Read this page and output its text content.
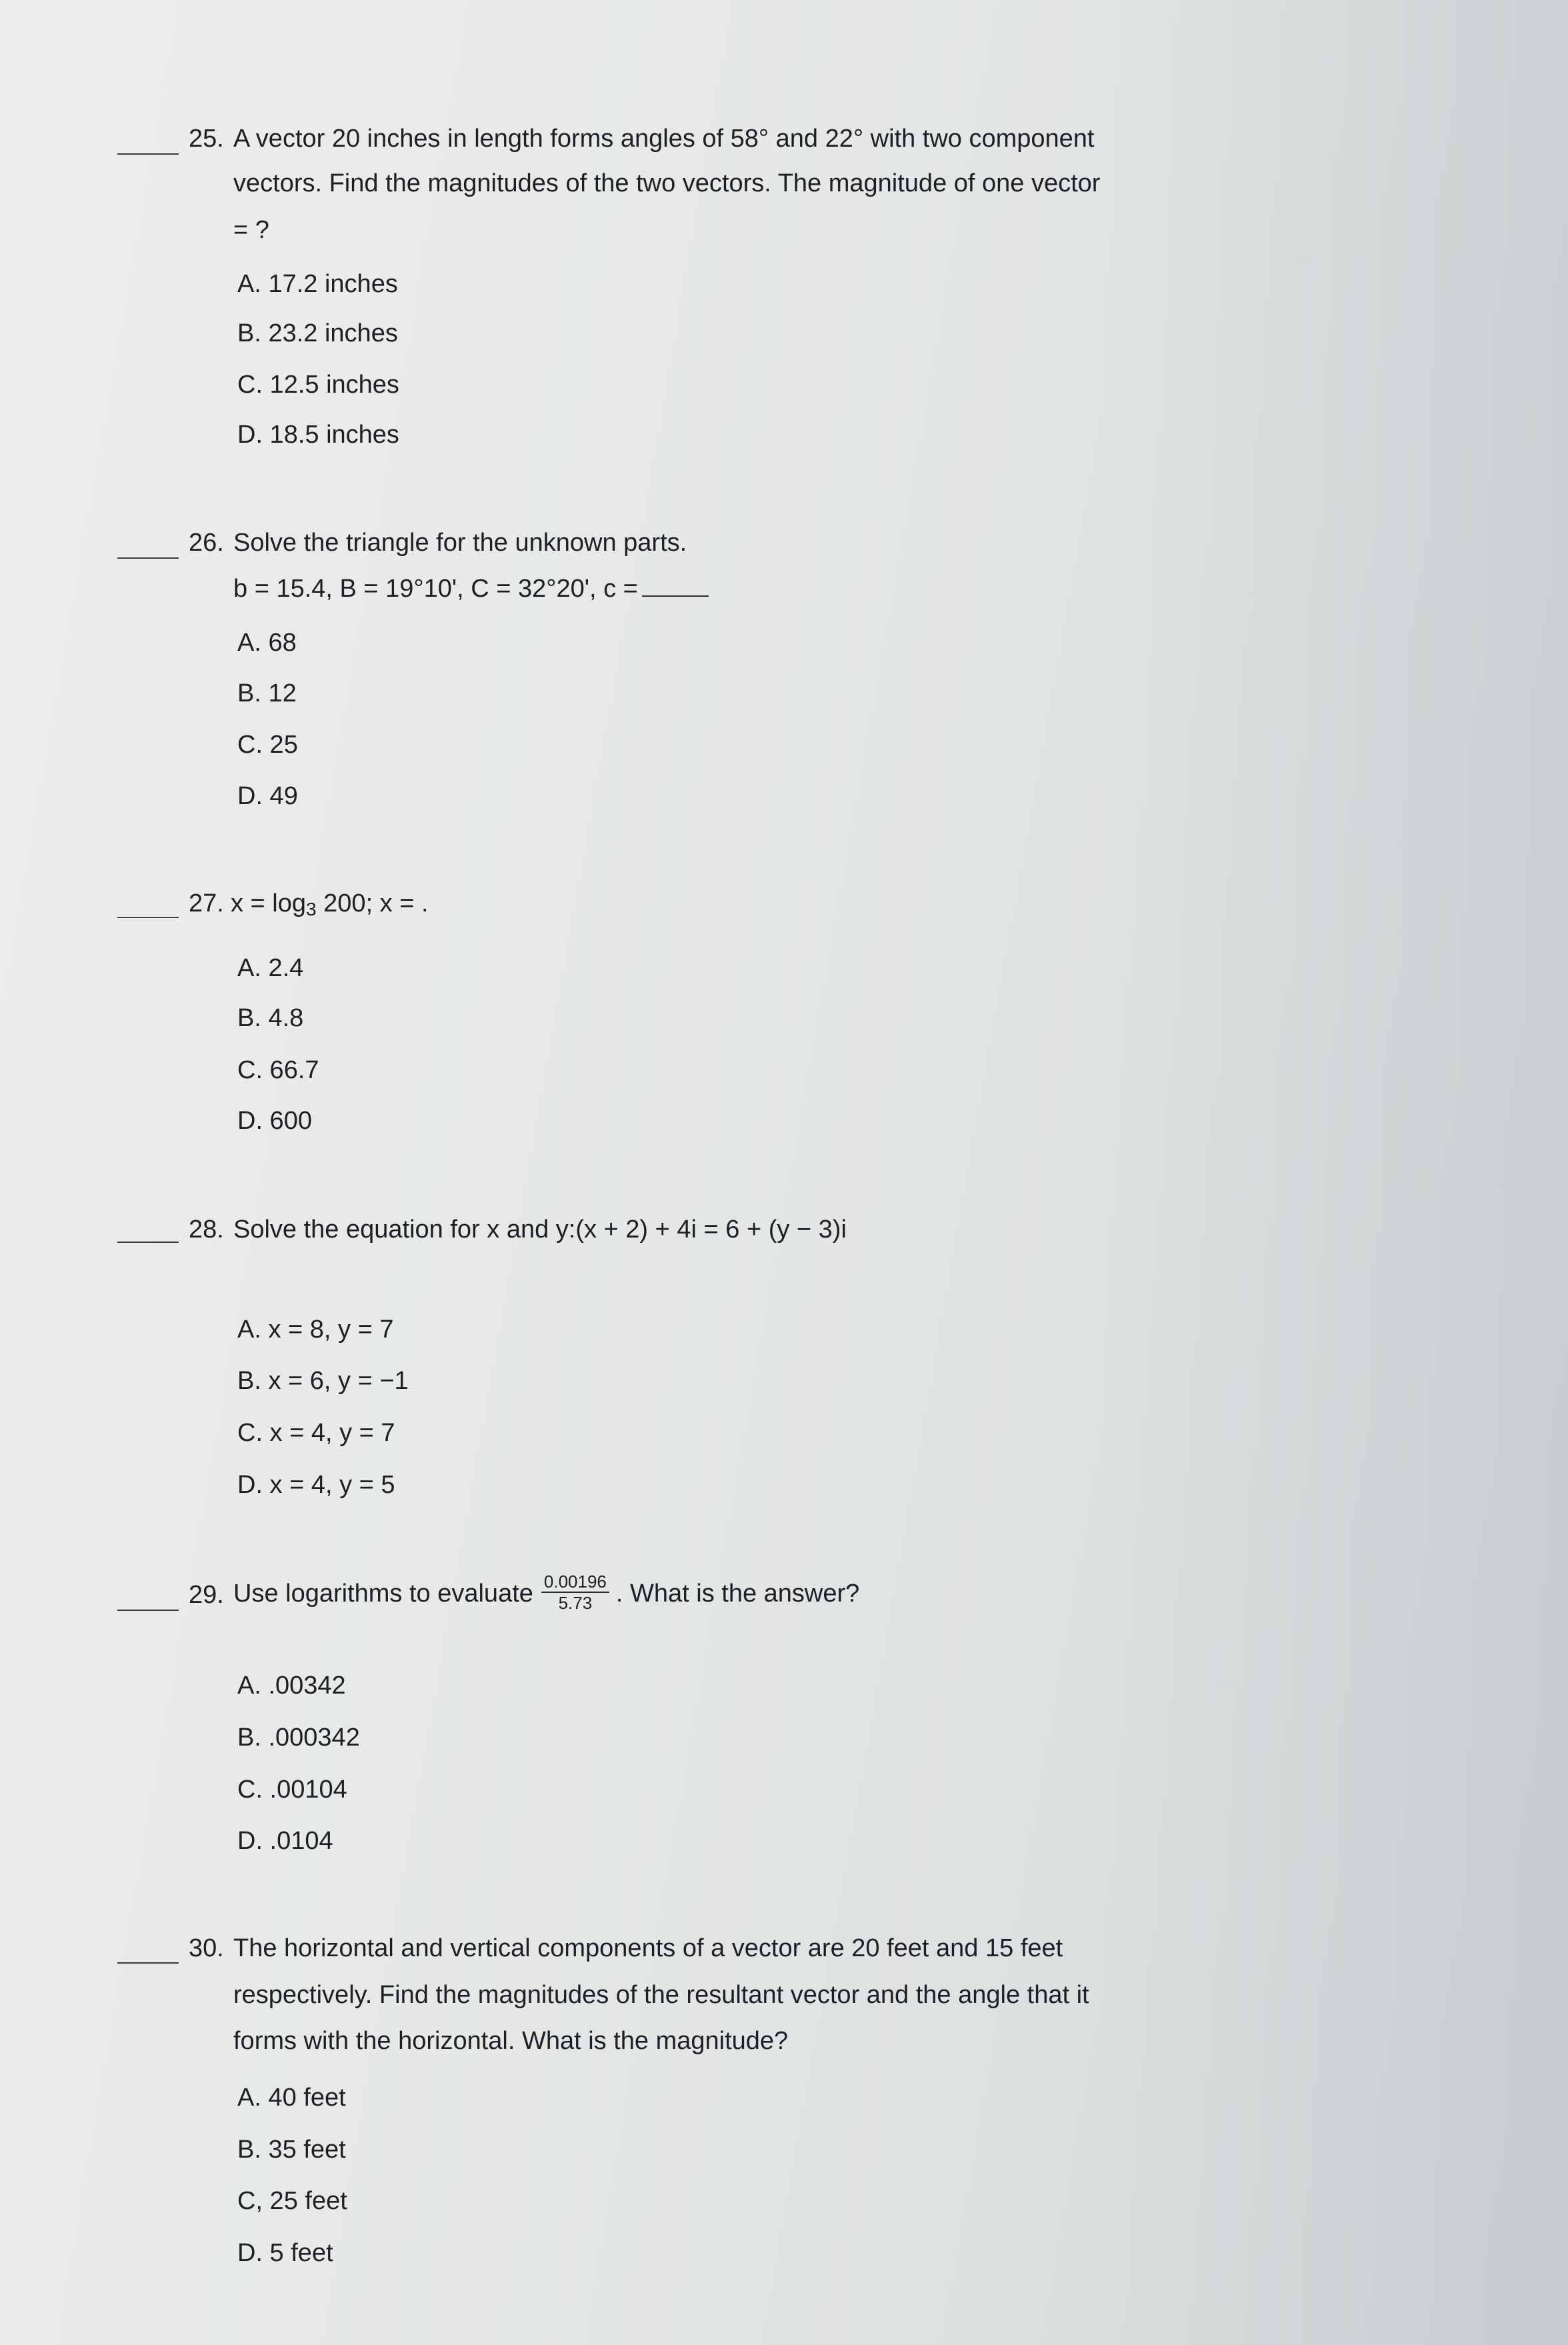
25. A vector 20 inches in length forms angles of 58° and 22° with two component
vectors. Find the magnitudes of the two vectors. The magnitude of one vector
= ?
A. 17.2 inches
B. 23.2 inches
C. 12.5 inches
D. 18.5 inches
26. Solve the triangle for the unknown parts.
b = 15.4, B = 19°10', C = 32°20', c =
A. 68
B. 12
C. 25
D. 49
27. $x = \log_3 200$; x = .
A. 2.4
B. 4.8
C. 66.7
D. 600
28. Solve the equation for x and y:(x + 2) + 4i = 6 + (y − 3)i
A. x = 8, y = 7
B. x = 6, y = −1
C. x = 4, y = 7
D. x = 4, y = 5
29. Use logarithms to evaluate $\frac{0.00196}{5.73}$ . What is the answer?
A. .00342
B. .000342
C. .00104
D. .0104
30. The horizontal and vertical components of a vector are 20 feet and 15 feet
respectively. Find the magnitudes of the resultant vector and the angle that it
forms with the horizontal. What is the magnitude?
A. 40 feet
B. 35 feet
C, 25 feet
D. 5 feet
